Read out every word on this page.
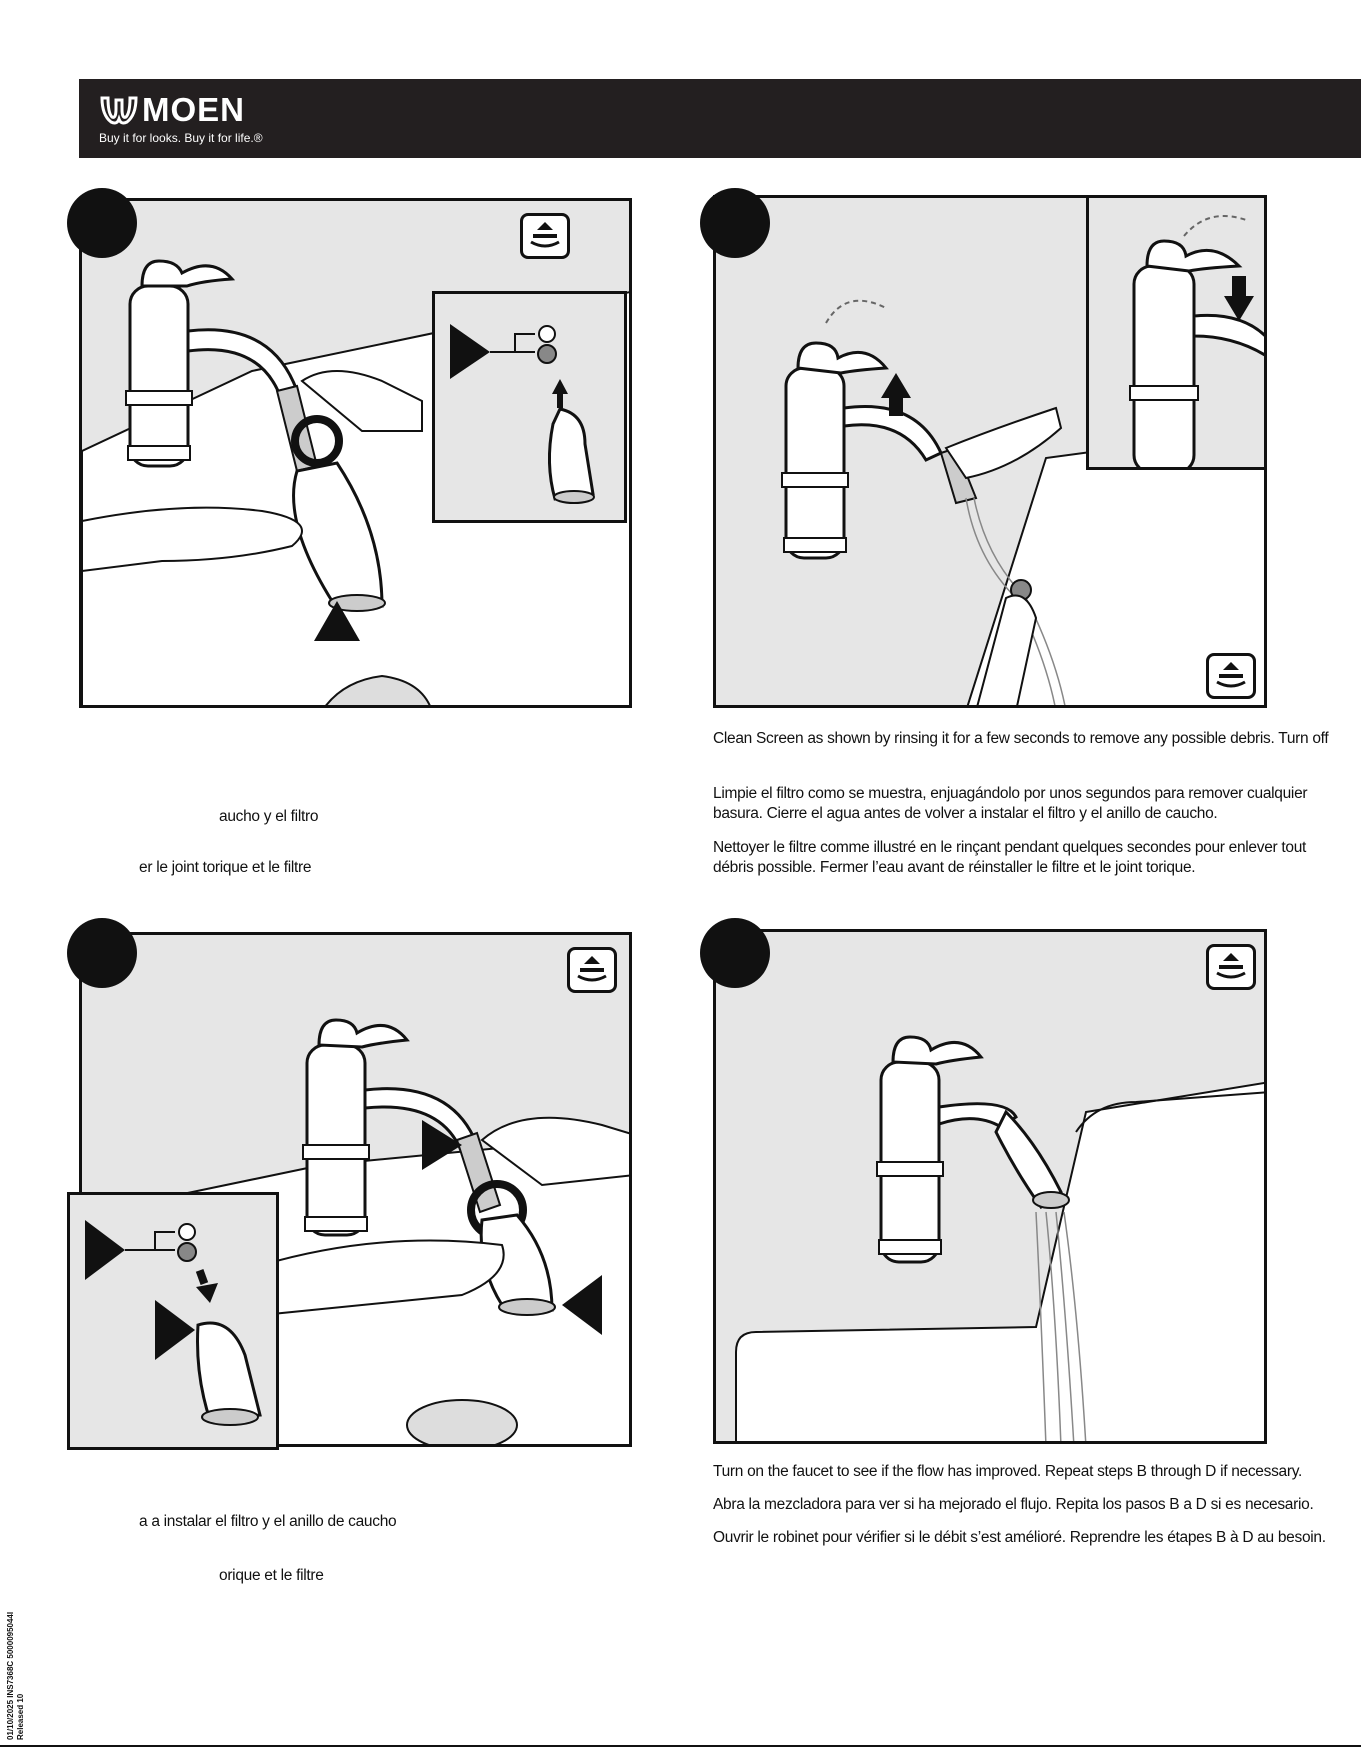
MOEN
Buy it for looks. Buy it for life.®
aucho y el filtro
er le joint torique et le filtre
Clean Screen as shown by rinsing it for a few seconds to remove any possible debris. Turn off
Limpie el filtro como se muestra, enjuagándolo por unos segundos para remover cualquier
basura. Cierre el agua antes de volver a instalar el filtro y el anillo de caucho.
Nettoyer le filtre comme illustré en le rinçant pendant quelques secondes pour enlever tout
débris possible. Fermer l’eau avant de réinstaller le filtre et le joint torique.
a a instalar el filtro y el anillo de caucho
orique et le filtre
Turn on the faucet to see if the flow has improved. Repeat steps B through D if necessary.
Abra la mezcladora para ver si ha mejorado el flujo. Repita los pasos B a D si es necesario.
Ouvrir le robinet pour vérifier si le débit s’est amélioré. Reprendre les étapes B à D au besoin.
01/10/2025 INS7368C 5000095044I Released 10
